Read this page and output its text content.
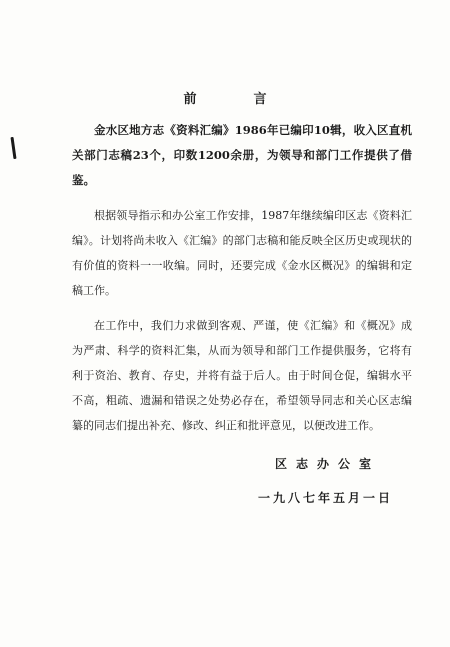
前　言

金水区地方志《资料汇编》1986年已编印10辑，收入区直机关部门志稿23个，印数1200余册，为领导和部门工作提供了借鉴。

根据领导指示和办公室工作安排，1987年继续编印区志《资料汇编》。计划将尚未收入《汇编》的部门志稿和能反映全区历史或现状的有价值的资料一一收编。同时，还要完成《金水区概况》的编辑和定稿工作。

在工作中，我们力求做到客观、严谨，使《汇编》和《概况》成为严肃、科学的资料汇集，从而为领导和部门工作提供服务，它将有利于资治、教育、存史，并将有益于后人。由于时间仓促，编辑水平不高，粗疏、遗漏和错误之处势必存在，希望领导同志和关心区志编纂的同志们提出补充、修改、纠正和批评意见，以便改进工作。

区志办公室
一九八七年五月一日
